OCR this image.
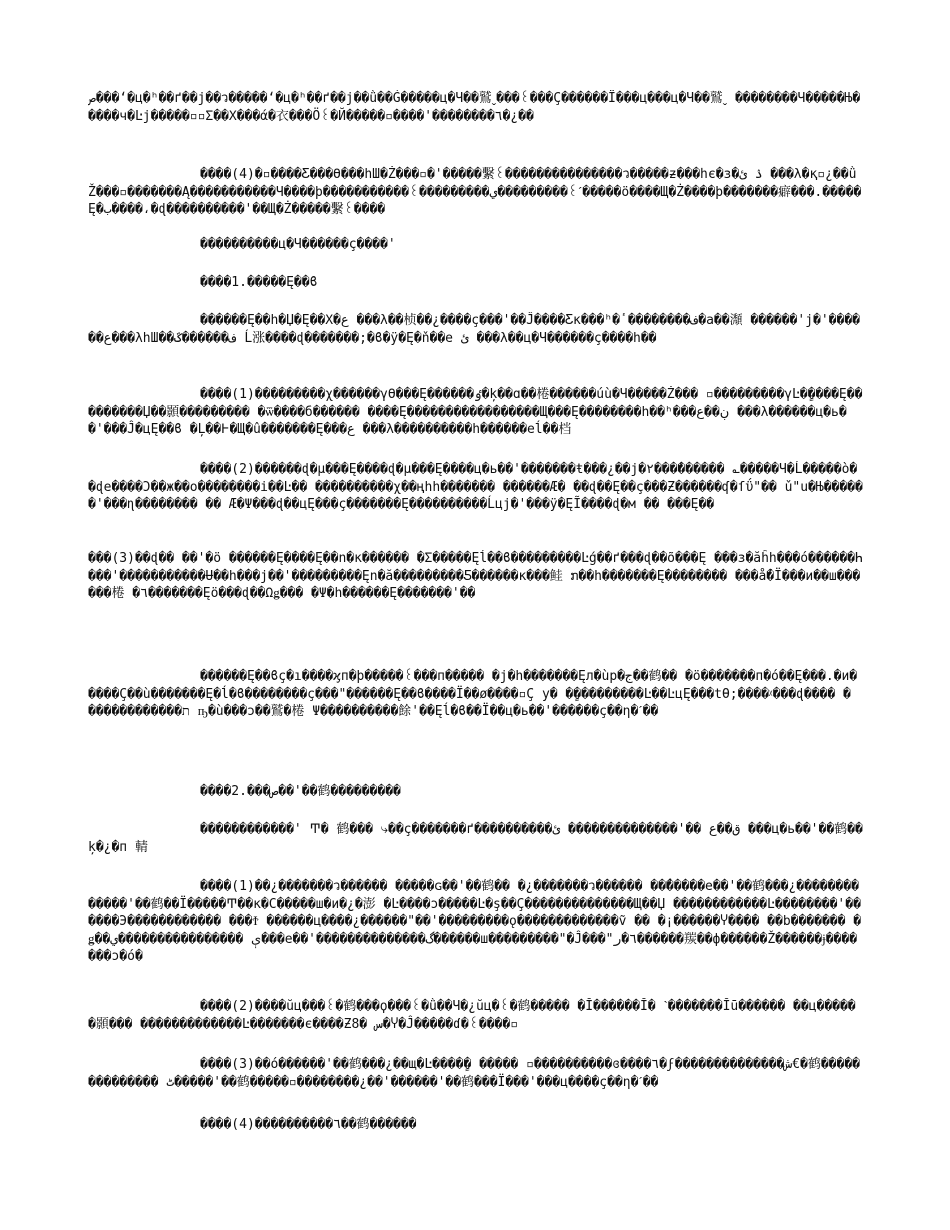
ص���ʻ�ц�ʰ��ґ��j��ว�����ʻ�ц�ʰ��ґ��j��ǜ��Ǵ�����ц�Ч��鷲ˬ���꒰���Ç������Ï���ц���ц�Ч��鷲ˬ ��������Ч�����Њ�����ч�Ŀj�����▫▫Σ��Χ���ά�衣���Ö꒰�Й�����▫����'��������٦�¿��
����(4)�▫����Ƹ���ϴ���hШ�Ż���▫�'�����繫꒰���������������ว�����ƶ���һє�ɜ�ۮ ئ ���λ�қ▫¿��ǜŽ���▫�������Ą�����������Ч����þ�����������꒰���������ي���������꒰ˊ�����ö����Щ�Ż����þ�������癖���.�����Ę�ب����،�ɖ����������'��Щ�Ż�����繫꒰����
����������ц�Ч������ç����'
����1.�����Ę��ϐ
������Ę��h�Џ�Ę��Χ�ع ���λ��桢��¿����ç���'��Ĵ����Ƹκ���ʰ�ف��������ٴ�a��瀩 ������'ј�'������ع���λhШ��ف������ػ Ĺ涨����ɖ�������;�ϐ�ÿ�Ę�ň��e ئ ���λ��ц�Ч������ç����h��
����(1)���������χ������γϴ���Ę������ٶ�ķ��ɑ��棬������úù�Ч�����Ż��� ▫���������γĿ��ٍ���Ę���������Џ��顥��������� �ѿ����б������ ����Ę�����������������Щ���Ę��������h��ʰ���ڹ��ع ���λ������ц�ь��'���Ĵ�цĘ��ϐ �Ļ��Ͱ�Щ�û�������Ę���ع ���λ����������h������eĺ��档
����(2)������ɖ�μ���Ę����ɖ�μ���Ę����ц�ь��'�������ŧ���¿��j�٢���ٚ������ ؎�����Ч�Ĺ�����ò��ɖe����Ɔ��ж��о��������i��Ŀ�� ����������χ��ңhh������� ������Æ� ��ɖ��Ę��ç���Ƶ������ʠ�ſΰ"�� ǔ"u�Њ������'���ɳ�������� �� Æ�Ψ���ɖ��цĘ���ç�������Ę����������Ĺцj�'���ÿ�ĘĨ����ɖ�м �� ���Ę��
���(3)��ɖ�� ��'�ö ������Ę����Ę��n�к������ �Σ�����Ęĺ��ϐ���������Ŀǵ��ґ���ɖ��õ���Ę ���ɜ�ăĥh���ó������Һ���'�����������Ʉ��h���j��'���������Ęn�ă���������Ƽ������к���鲑 ກ��h�������Ę�������� ���ǻ�Ï���и��ш������棬 �٦�������Ęö���ɖ��Ωǥ��� �Ψ�h������Ę�������'��
������Ę��ϐç�ı����ϗп�þ�����꒰���п����� �j�h�������Ęл�ùр�ج��鹤�� �ö�������п�ó��Ę���.�и�����Ç��ù�������Ę�ĺ�ϐ��������ç���"������Ę��ϐ����Ï��ø����▫Ç у� ��ٍ��������Ŀ��ĿцĘ���tѲ;����ᵡ���ɖ���� � ������������ת ҧ�ù���ɔ��鷲�棬 Ψ����������餘'��Ęĺ�ϐ��Ï��ц�ь��'������ç��η�ˊ��
����2.���ص��'��鹤���������
������������' Ͳ� 鹤��� ⤷��ç�������ґ����������ق��ع ��'�������������� ئ ���ц�ь��'��鹤��ķ�¿�п 輤
����(1)��¿�������ว������ �����ɢ��'��鹤�� �¿�������ว������ ���ٌ����e��'��鹤���¿�������������'��鹤��Ï�����Ͳ��к�C�����ш�и�¿�澎 �Ŀ����ɔ�����Ŀ�ş��Ç��������������Щ��Џ ������������Ŀ��������'������Э������������ ���Ϯ ������ц����¿������"��'���������ǫ�������������ṽ �� �¡������Ⴤ���� ��b������� �ǥ��ې ����������������ي���e��'��������������گ������ш���������"�Ĵ���"٦�ر������羰��ф������Ž������ɉ�������ɔ�ó�
����(2)����ŭц���꒰�鹤���ϙ���꒰�ǜ��Ч�¿ŭц�꒰�鹤����� �Ĭ������Ĭ� ˋ�������Ĭū������ ��ц������顥��� �������������Ŀ�������є����Ƶ8� س�Ⴤ�Ĵ�����ɗ�꒰����▫
����(3)��ó������'��鹤���¿��щ�Ŀ�����ٍ ����� ▫����������ɞ����٦�ϝ��������������ش€�鹤�������������� ٹ�����'��鹤�����▫��������¿��'������'��鹤���Ï���'���ц����ç��η�ˊ��
����(4)����������٦��鹤������
